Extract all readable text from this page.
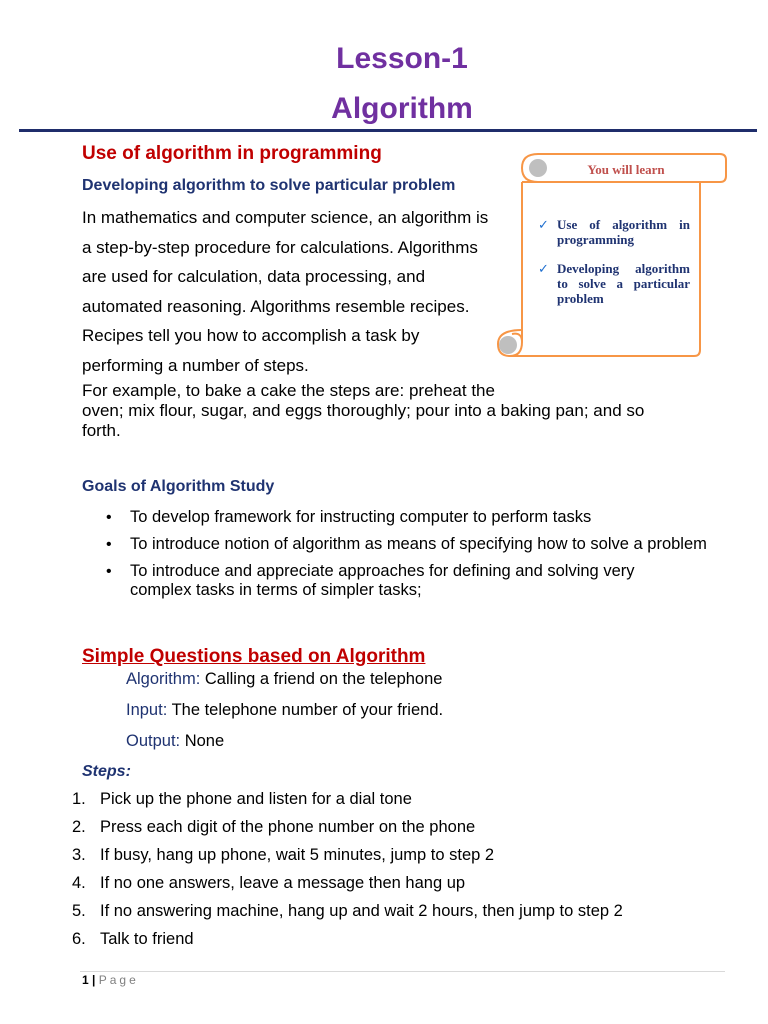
Lesson-1
Algorithm
Use of algorithm in programming
Developing algorithm to solve particular problem
In mathematics and computer science, an algorithm is
a step-by-step procedure for calculations. Algorithms
are used for calculation, data processing, and
automated reasoning. Algorithms resemble recipes.
Recipes tell you how to accomplish a task by
performing a number of steps.
For example, to bake a cake the steps are: preheat the
oven; mix flour, sugar, and eggs thoroughly; pour into a baking pan; and so
forth.
You will learn
✓ Use of algorithm in programming
✓ Developing algorithm to solve a particular problem
Goals of Algorithm Study
• To develop framework for instructing computer to perform tasks
• To introduce notion of algorithm as means of specifying how to solve a problem
• To introduce and appreciate approaches for defining and solving very complex tasks in terms of simpler tasks;
Simple Questions based on Algorithm
Algorithm: Calling a friend on the telephone
Input: The telephone number of your friend.
Output: None
Steps:
1. Pick up the phone and listen for a dial tone
2. Press each digit of the phone number on the phone
3. If busy, hang up phone, wait 5 minutes, jump to step 2
4. If no one answers, leave a message then hang up
5. If no answering machine, hang up and wait 2 hours, then jump to step 2
6. Talk to friend
1 | Page
